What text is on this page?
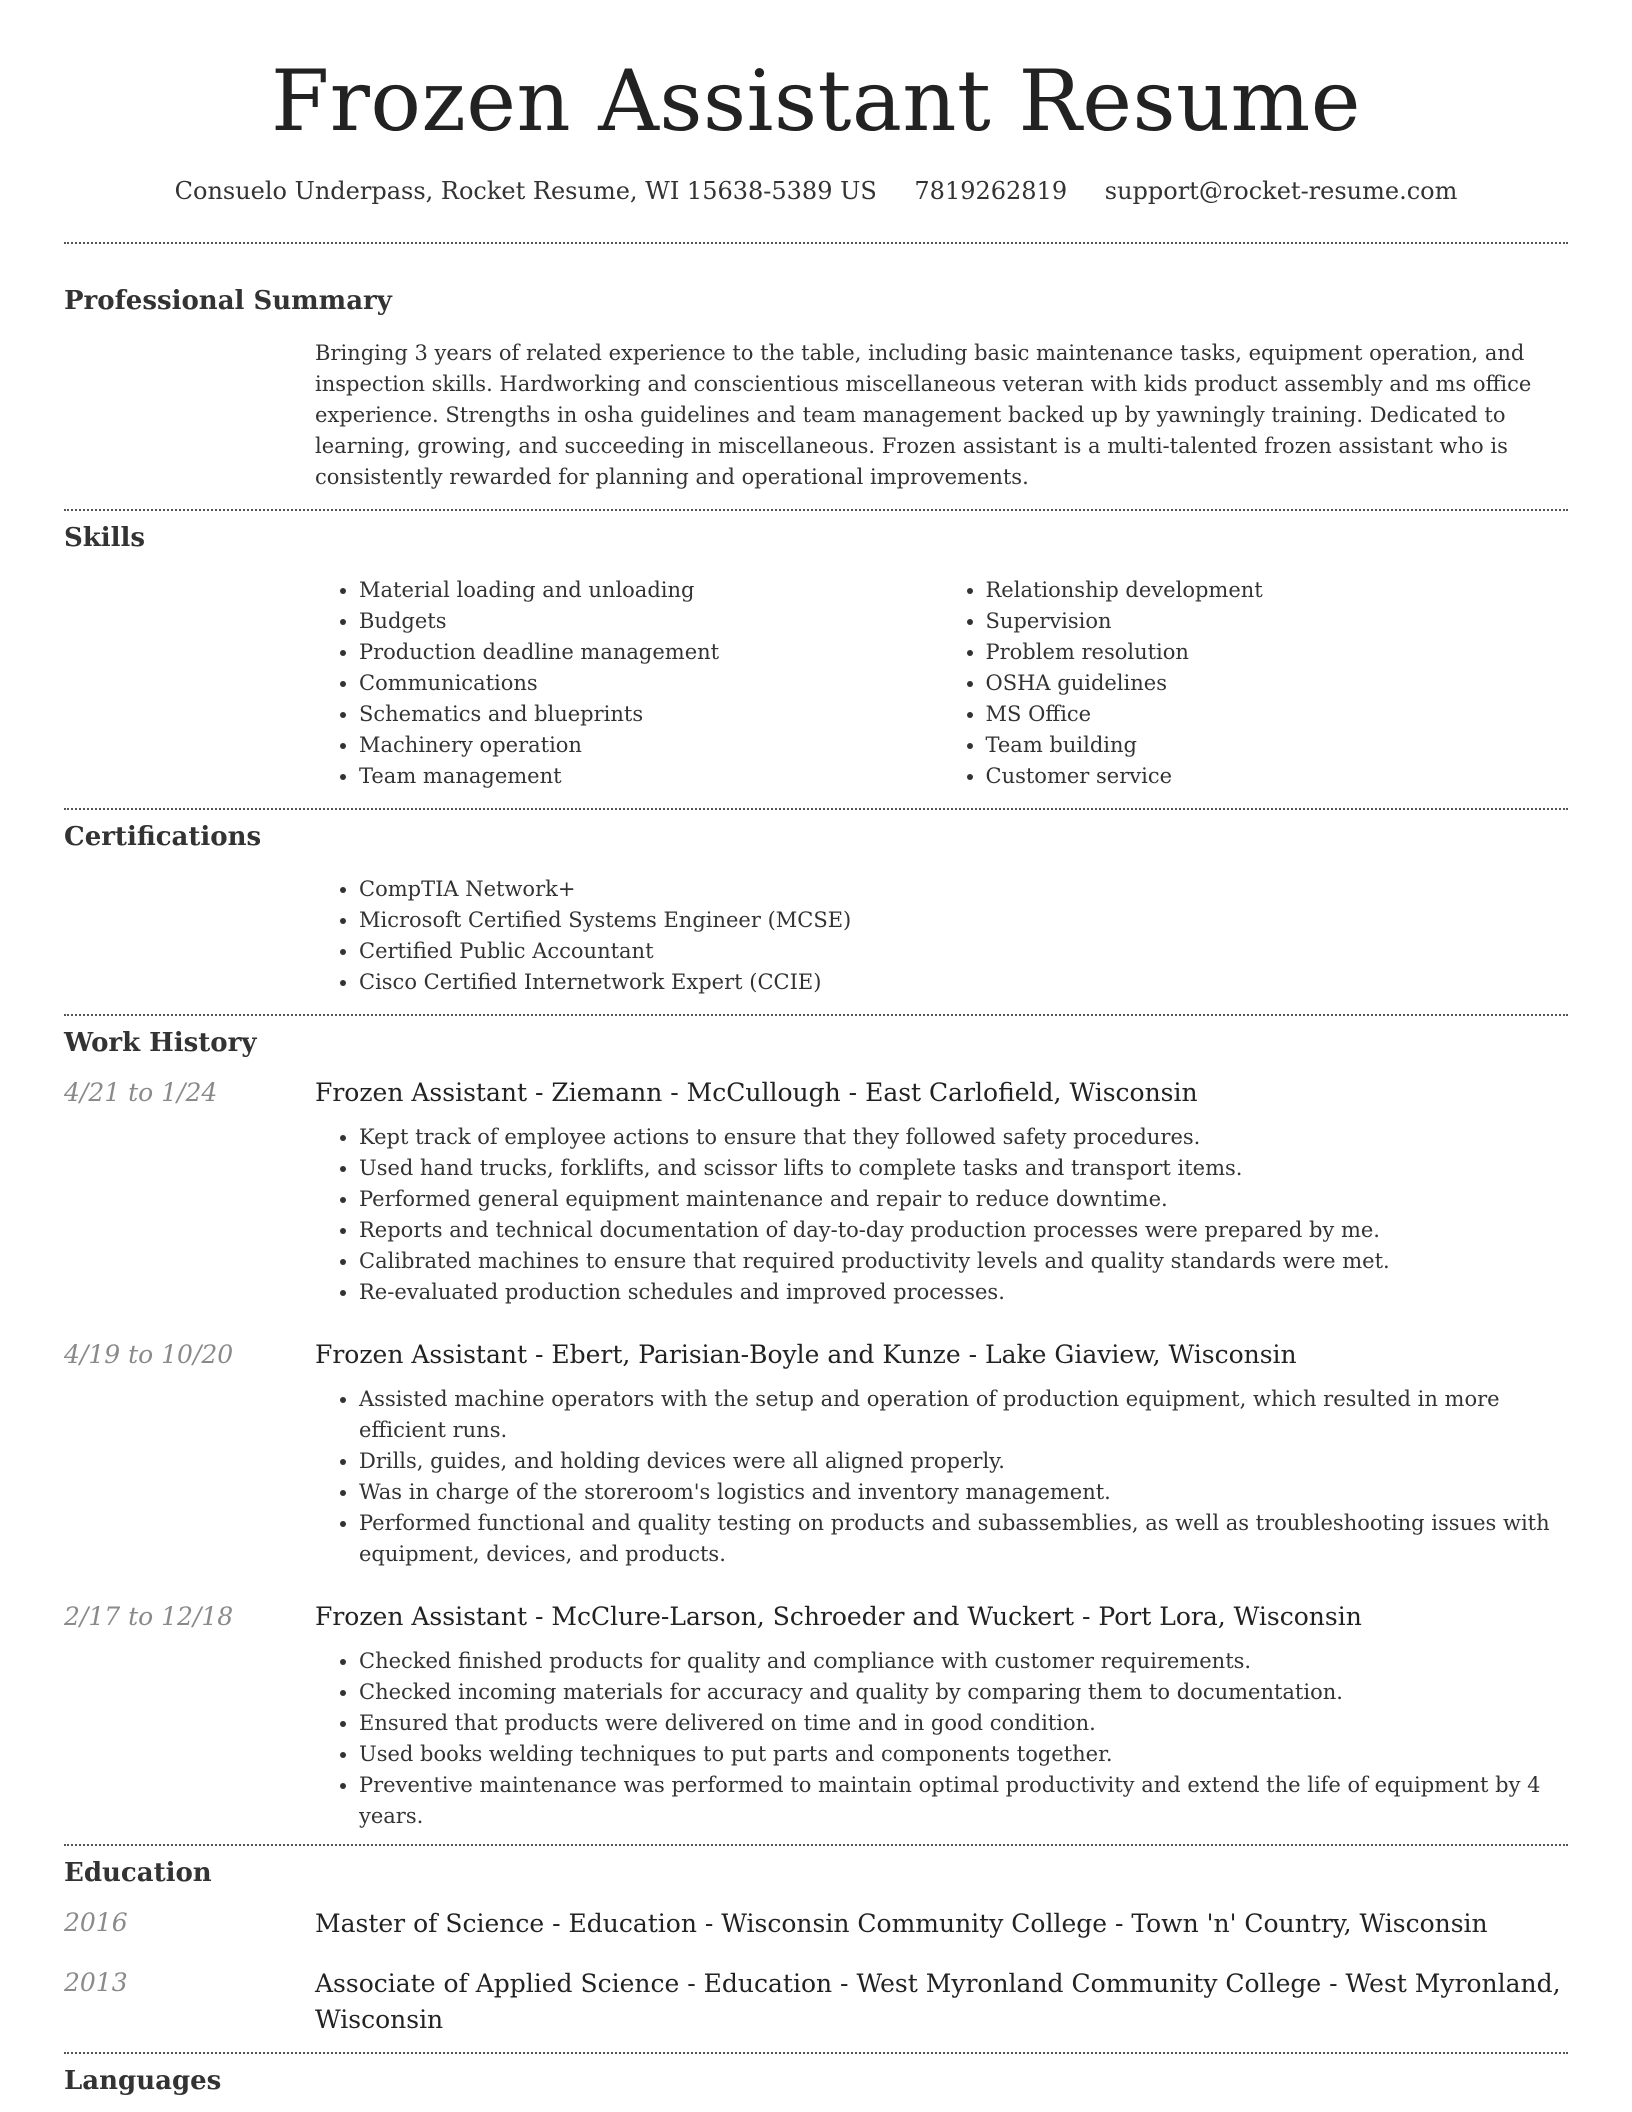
Frozen Assistant Resume
Consuelo Underpass, Rocket Resume, WI 15638-5389 US 7819262819 support@rocket-resume.com
Professional Summary

Bringing 3 years of related experience to the table, including basic maintenance tasks, equipment operation, and inspection skills. Hardworking and conscientious miscellaneous veteran with kids product assembly and ms office experience. Strengths in osha guidelines and team management backed up by yawningly training. Dedicated to learning, growing, and succeeding in miscellaneous. Frozen assistant is a multi-talented frozen assistant who is consistently rewarded for planning and operational improvements.

Skills
• Material loading and unloading
• Budgets
• Production deadline management
• Communications
• Schematics and blueprints
• Machinery operation
• Team management
• Relationship development
• Supervision
• Problem resolution
• OSHA guidelines
• MS Office
• Team building
• Customer service
Certifications
• CompTIA Network+
• Microsoft Certified Systems Engineer (MCSE)
• Certified Public Accountant
• Cisco Certified Internetwork Expert (CCIE)
Work History
4/21 to 1/24	Frozen Assistant - Ziemann - McCullough - East Carlofield, Wisconsin
• Kept track of employee actions to ensure that they followed safety procedures.
• Used hand trucks, forklifts, and scissor lifts to complete tasks and transport items.
• Performed general equipment maintenance and repair to reduce downtime.
• Reports and technical documentation of day-to-day production processes were prepared by me.
• Calibrated machines to ensure that required productivity levels and quality standards were met.
• Re-evaluated production schedules and improved processes.
4/19 to 10/20	Frozen Assistant - Ebert, Parisian-Boyle and Kunze - Lake Giaview, Wisconsin
• Assisted machine operators with the setup and operation of production equipment, which resulted in more efficient runs.
• Drills, guides, and holding devices were all aligned properly.
• Was in charge of the storeroom's logistics and inventory management.
• Performed functional and quality testing on products and subassemblies, as well as troubleshooting issues with equipment, devices, and products.
2/17 to 12/18	Frozen Assistant - McClure-Larson, Schroeder and Wuckert - Port Lora, Wisconsin
• Checked finished products for quality and compliance with customer requirements.
• Checked incoming materials for accuracy and quality by comparing them to documentation.
• Ensured that products were delivered on time and in good condition.
• Used books welding techniques to put parts and components together.
• Preventive maintenance was performed to maintain optimal productivity and extend the life of equipment by 4 years.
Education
2016	Master of Science - Education - Wisconsin Community College - Town 'n' Country, Wisconsin
2013	Associate of Applied Science - Education - West Myronland Community College - West Myronland, Wisconsin
Languages
